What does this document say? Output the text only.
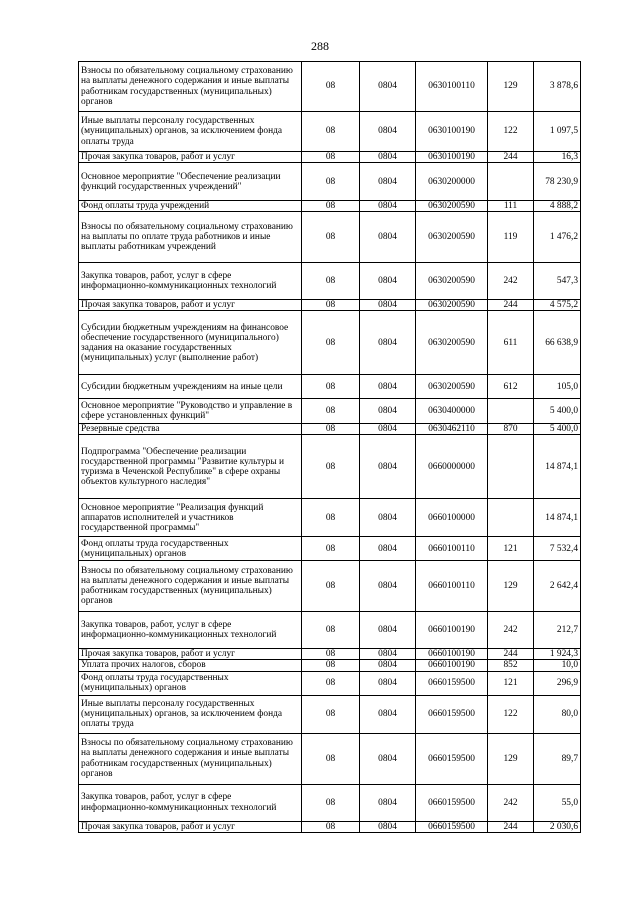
288
Взносы по обязательному социальному страхованию на выплаты денежного содержания и иные выплаты работникам государственных (муниципальных) органов	08	0804	0630100110	129	3 878,6
Иные выплаты персоналу государственных (муниципальных) органов, за исключением фонда оплаты труда	08	0804	0630100190	122	1 097,5
Прочая закупка товаров, работ и услуг	08	0804	0630100190	244	16,3
Основное мероприятие "Обеспечение реализации функций государственных учреждений"	08	0804	0630200000		78 230,9
Фонд оплаты труда учреждений	08	0804	0630200590	111	4 888,2
Взносы по обязательному социальному страхованию на выплаты по оплате труда работников и иные выплаты работникам учреждений	08	0804	0630200590	119	1 476,2
Закупка товаров, работ, услуг в сфере информационно-коммуникационных технологий	08	0804	0630200590	242	547,3
Прочая закупка товаров, работ и услуг	08	0804	0630200590	244	4 575,2
Субсидии бюджетным учреждениям на финансовое обеспечение государственного (муниципального) задания на оказание государственных (муниципальных) услуг (выполнение работ)	08	0804	0630200590	611	66 638,9
Субсидии бюджетным учреждениям на иные цели	08	0804	0630200590	612	105,0
Основное мероприятие "Руководство и управление в сфере установленных функций"	08	0804	0630400000		5 400,0
Резервные средства	08	0804	0630462110	870	5 400,0
Подпрограмма "Обеспечение реализации государственной программы "Развитие культуры и туризма в Чеченской Республике" в сфере охраны объектов культурного наследия"	08	0804	0660000000		14 874,1
Основное мероприятие "Реализация функций аппаратов исполнителей и участников государственной программы"	08	0804	0660100000		14 874,1
Фонд оплаты труда государственных (муниципальных) органов	08	0804	0660100110	121	7 532,4
Взносы по обязательному социальному страхованию на выплаты денежного содержания и иные выплаты работникам государственных (муниципальных) органов	08	0804	0660100110	129	2 642,4
Закупка товаров, работ, услуг в сфере информационно-коммуникационных технологий	08	0804	0660100190	242	212,7
Прочая закупка товаров, работ и услуг	08	0804	0660100190	244	1 924,3
Уплата прочих налогов, сборов	08	0804	0660100190	852	10,0
Фонд оплаты труда государственных (муниципальных) органов	08	0804	0660159500	121	296,9
Иные выплаты персоналу государственных (муниципальных) органов, за исключением фонда оплаты труда	08	0804	0660159500	122	80,0
Взносы по обязательному социальному страхованию на выплаты денежного содержания и иные выплаты работникам государственных (муниципальных) органов	08	0804	0660159500	129	89,7
Закупка товаров, работ, услуг в сфере информационно-коммуникационных технологий	08	0804	0660159500	242	55,0
Прочая закупка товаров, работ и услуг	08	0804	0660159500	244	2 030,6
